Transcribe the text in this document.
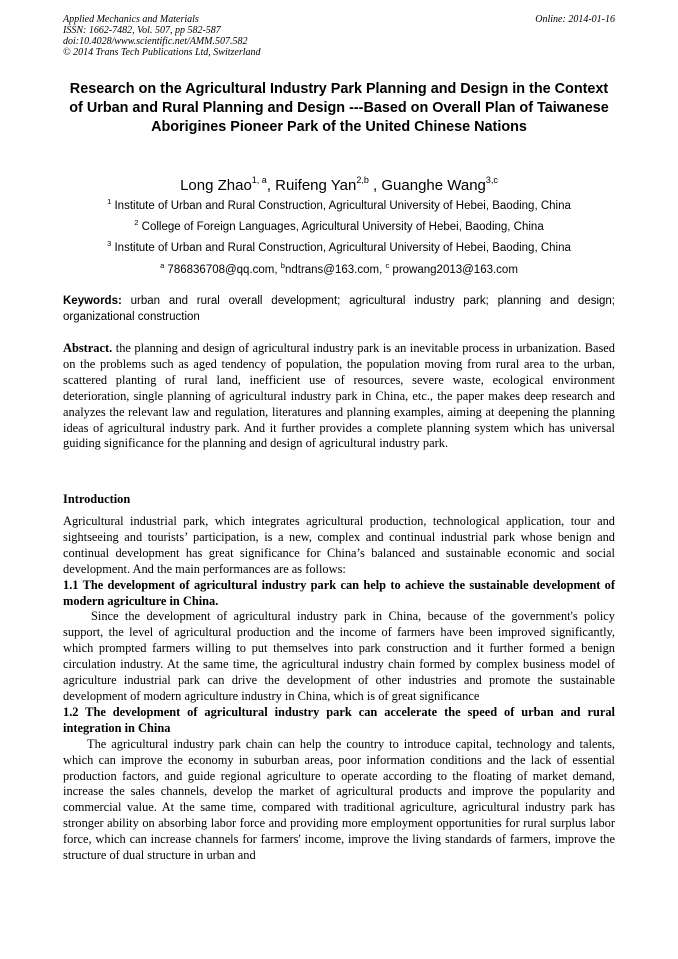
Applied Mechanics and Materials
ISSN: 1662-7482, Vol. 507, pp 582-587
doi:10.4028/www.scientific.net/AMM.507.582
© 2014 Trans Tech Publications Ltd, Switzerland
Online: 2014-01-16
Research on the Agricultural Industry Park Planning and Design in the Context of Urban and Rural Planning and Design ---Based on Overall Plan of Taiwanese Aborigines Pioneer Park of the United Chinese Nations
Long Zhao$^{1, a}$, Ruifeng Yan$^{2,b}$ , Guanghe Wang$^{3,c}$
$^1$ Institute of Urban and Rural Construction, Agricultural University of Hebei, Baoding, China
$^2$ College of Foreign Languages, Agricultural University of Hebei, Baoding, China
$^3$ Institute of Urban and Rural Construction, Agricultural University of Hebei, Baoding, China
$^a$ 786836708@qq.com, $^b$ndtrans@163.com, $^c$ prowang2013@163.com
Keywords: urban and rural overall development; agricultural industry park; planning and design; organizational construction
Abstract. the planning and design of agricultural industry park is an inevitable process in urbanization. Based on the problems such as aged tendency of population, the population moving from rural area to the urban, scattered planting of rural land, inefficient use of resources, severe waste, ecological environment deterioration, single planning of agricultural industry park in China, etc., the paper makes deep research and analyzes the relevant law and regulation, literatures and planning examples, aiming at deepening the planning ideas of agricultural industry park. And it further provides a complete planning system which has universal guiding significance for the planning and design of agricultural industry park.
Introduction

Agricultural industrial park, which integrates agricultural production, technological application, tour and sightseeing and tourists’ participation, is a new, complex and continual industrial park whose benign and continual development has great significance for China’s balanced and sustainable economic and social development. And the main performances are as follows:

1.1 The development of agricultural industry park can help to achieve the sustainable development of modern agriculture in China.

Since the development of agricultural industry park in China, because of the government's policy support, the level of agricultural production and the income of farmers have been improved significantly, which prompted farmers willing to put themselves into park construction and it further formed a benign circulation industry. At the same time, the agricultural industry chain formed by complex business model of agriculture industrial park can drive the development of other industries and promote the sustainable development of modern agriculture industry in China, which is of great significance

1.2 The development of agricultural industry park can accelerate the speed of urban and rural integration in China

The agricultural industry park chain can help the country to introduce capital, technology and talents, which can improve the economy in suburban areas, poor information conditions and the lack of essential production factors, and guide regional agriculture to operate according to the floating of market demand, increase the sales channels, develop the market of agricultural products and improve the popularity and commercial value. At the same time, compared with traditional agriculture, agricultural industry park has stronger ability on absorbing labor force and providing more employment opportunities for rural surplus labor force, which can increase channels for farmers' income, improve the living standards of farmers, improve the structure of dual structure in urban and
